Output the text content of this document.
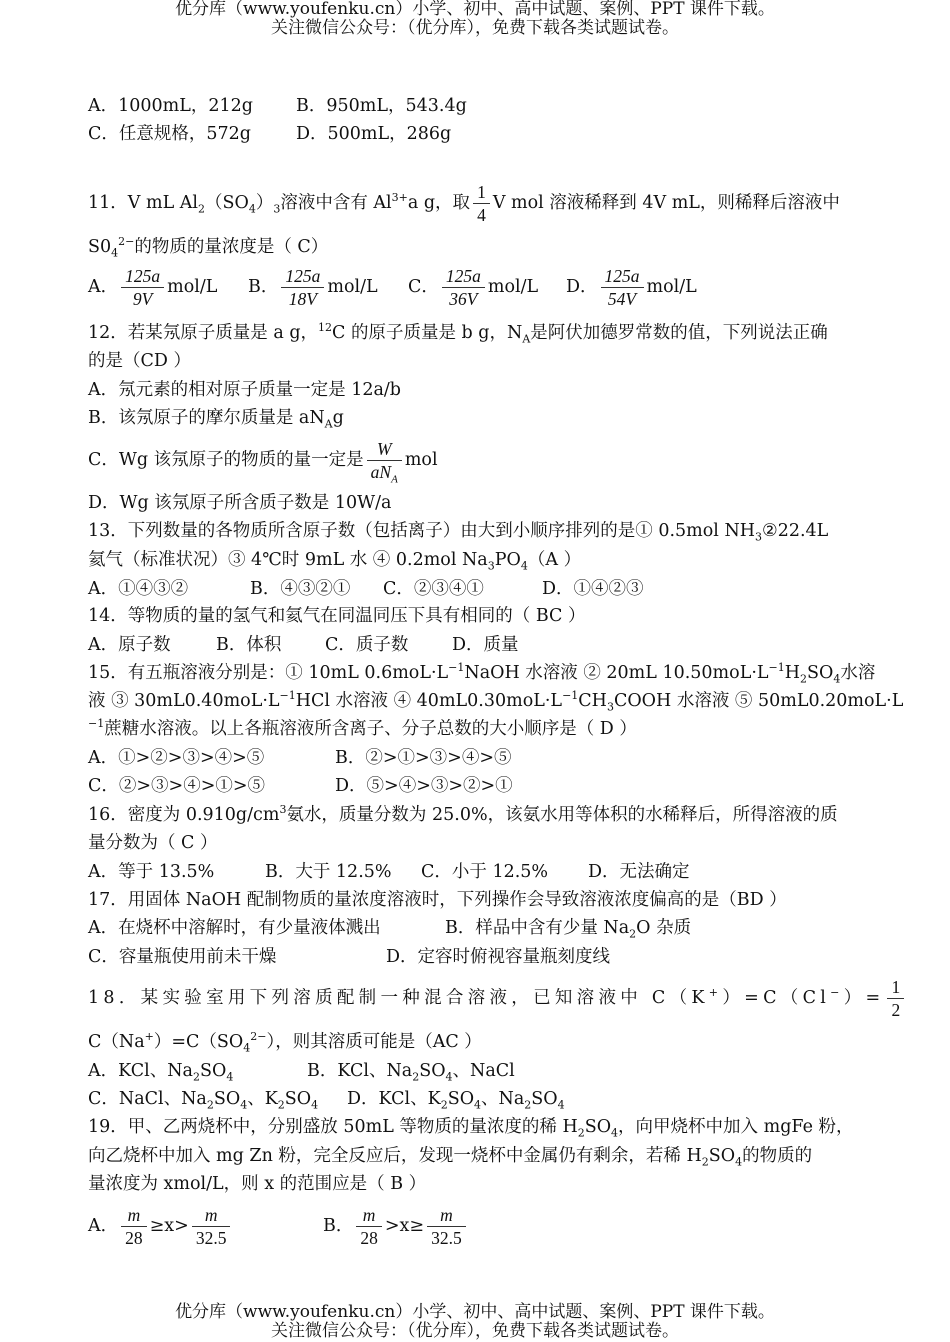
优分库（www.youfenku.cn）小学、初中、高中试题、案例、PPT 课件下载。
关注微信公众号：（优分库），免费下载各类试题试卷。
A．1000mL，212g B．950mL，543.4g
C．任意规格，572g	D．500mL，286g
11．V mL $Al_2(SO_4)_3$溶液中含有 $Al^{3+}a$ g，取 $\frac{1}{4}$ V mol 溶液稀释到 4V mL，则稀释后溶液中
$S0_4^{2-}$的物质的量浓度是（ C）
A． $\frac{125a}{9V} mol/L$ B． $\frac{125a}{18V} mol/L$ C． $\frac{125a}{36V} mol/L$ D． $\frac{125a}{54V} mol/L$
12．若某氖原子质量是 a g，$^{12}$C 的原子质量是 b g，$N_A$是阿伏加德罗常数的值，下列说法正确
的是（CD ）
A．氖元素的相对原子质量一定是 12a/b
B．该氖原子的摩尔质量是 $aN_Ag$
C．Wg 该氖原子的物质的量一定是 $\frac{W}{aN_A}$ mol
D．Wg 该氖原子所含质子数是 10W/a
13．下列数量的各物质所含原子数（包括离子）由大到小顺序排列的是① 0.5mol $NH_3②22.4L$
氦气（标准状况）③ 4℃时 9mL 水 ④ 0.2mol $Na_3PO_4(A$ ）
A．①④③②	B．④③②① C．②③④①	D．①④②③
14．等物质的量的氢气和氦气在同温同压下具有相同的（ BC ）
A．原子数	B．体积 C．质子数 D．质量
15．有五瓶溶液分别是：① 10mL $0.6moL\cdot L^{-1}NaOH$ 水溶液 ② 20mL $10.50moL\cdot L^{-1}H_2SO_4$水溶
液 ③ $30mL0.40moL\cdot L^{-1}HCl$ 水溶液 ④ $40mL0.30moL\cdot L^{-1}CH_3COOH$ 水溶液 ⑤ 50mL0.20moL·L
$^{-1}$蔗糖水溶液。以上各瓶溶液所含离子、分子总数的大小顺序是（ D ）
A．①>②>③>④>⑤	B．②>①>③>④>⑤
C．②>③>④>①>⑤	D．⑤>④>③>②>①
16．密度为 $0.910g/cm^3$氨水，质量分数为 25.0%，该氨水用等体积的水稀释后，所得溶液的质
量分数为（ C ）
A．等于 13.5%	B．大于 12.5% C．小于 12.5% D．无法确定
17．用固体 NaOH 配制物质的量浓度溶液时，下列操作会导致溶液浓度偏高的是（BD ）
A．在烧杯中溶解时，有少量液体溅出	B．样品中含有少量 $Na_2O$ 杂质
C．容量瓶使用前未干燥	D．定容时俯视容量瓶刻度线
18．某实验室用下列溶质配制一种混合溶液，已知溶液中 $C(K^+)=C(Cl^-)= \frac{1}{2}$
$C(Na^+)=C(SO_4^{2-})$，则其溶质可能是（AC ）
A．KCl、$Na_2SO_4$	B．KCl、$Na_2SO_4$、NaCl
C．NaCl、$Na_2SO_4$、$K_2SO_4$ D．KCl、$K_2SO_4$、$Na_2SO_4$
19．甲、乙两烧杯中，分别盛放 50mL 等物质的量浓度的稀 $H_2SO_4$，向甲烧杯中加入 mgFe 粉，
向乙烧杯中加入 mg Zn 粉，完全反应后，发现一烧杯中金属仍有剩余，若稀 $H_2SO_4$的物质的
量浓度为 xmol/L，则 x 的范围应是（ B ）
A． $\frac{m}{28} \ge x> \frac{m}{32.5}$	B． $\frac{m}{28} >x\ge \frac{m}{32.5}$
优分库（www.youfenku.cn）小学、初中、高中试题、案例、PPT 课件下载。
关注微信公众号：（优分库），免费下载各类试题试卷。
